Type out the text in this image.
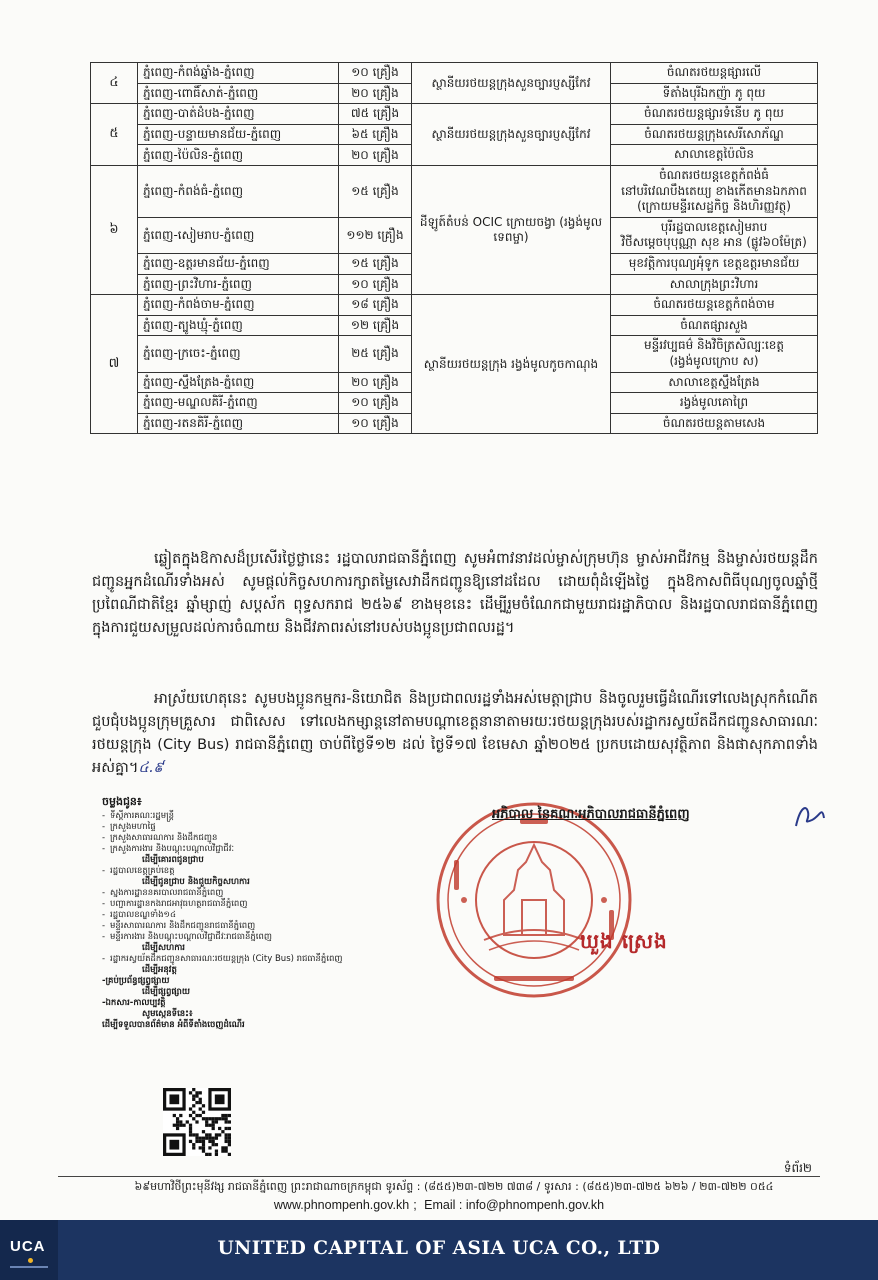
៤	ភ្នំពេញ-កំពង់ឆ្នាំង-ភ្នំពេញ	១០ គ្រឿង	ស្ថានីយរថយន្តក្រុងសួនច្បារប្ញស្សីកែវ	ចំណតរថយន្តផ្សារលើ

	ភ្នំពេញ-ពោធិ៍សាត់-ភ្នំពេញ	២០ គ្រឿង		ទីតាំងបុរីឯកញ៉ា ភូ ពុយ

៥	ភ្នំពេញ-បាត់ដំបង-ភ្នំពេញ	៧៥ គ្រឿង	ស្ថានីយរថយន្តក្រុងសួនច្បារប្ញស្សីកែវ	ចំណតរថយន្តផ្សារទំនើប ភូ ពុយ

	ភ្នំពេញ-បន្ទាយមានជ័យ-ភ្នំពេញ	៦៥ គ្រឿង		ចំណតរថយន្តក្រុងសេរីសោភ័ណ្ឌ

	ភ្នំពេញ-ប៉ៃលិន-ភ្នំពេញ	២០ គ្រឿង		សាលាខេត្តប៉ៃលិន

៦	ភ្នំពេញ-កំពង់ធំ-ភ្នំពេញ	១៥ គ្រឿង	ដីឡូត៍តំបន់ OCIC ក្រោយចង្វា (រង្វង់មូលទេពម្ចា)	ចំណតរថយន្តខេត្តកំពង់ធំ
នៅបរិវេណបឹងតេយ្យ ខាងកើតមានឯកភាព
(ក្រោយមន្ទីរសេដ្ឋកិច្ច និងហិរញ្ញវត្ថុ)

	ភ្នំពេញ-សៀមរាប-ភ្នំពេញ	១១២ គ្រឿង		បុរីរដ្ឋបាលខេត្តសៀមរាប
វិថីសម្តេចបុបុណ្ណា សុខ អាន (ផ្លូវ៦០ម៉ែត្រ)

	ភ្នំពេញ-ឧត្តរមានជ័យ-ភ្នំពេញ	១៥ គ្រឿង		មុខវត្តិការបុណ្យអុំទូក ខេត្តឧត្តរមានជ័យ

	ភ្នំពេញ-ព្រះវិហារ-ភ្នំពេញ	១០ គ្រឿង		សាលាក្រុងព្រះវិហារ

៧	ភ្នំពេញ-កំពង់ចាម-ភ្នំពេញ	១៨ គ្រឿង	ស្ថានីយរថយន្តក្រុង រង្វង់មូលកូចកាណុង	ចំណតរថយន្តខេត្តកំពង់ចាម

	ភ្នំពេញ-ត្បូងឃ្មុំ-ភ្នំពេញ	១២ គ្រឿង		ចំណតផ្សារសួង

	ភ្នំពេញ-ក្រចេះ-ភ្នំពេញ	២៥ គ្រឿង		មន្ទីរវប្បធម៌ និងវិចិត្រសិល្បៈខេត្ត
(រង្វង់មូលក្រោប ស)

	ភ្នំពេញ-ស្ទឹងត្រែង-ភ្នំពេញ	២០ គ្រឿង		សាលាខេត្តស្ទឹងត្រែង

	ភ្នំពេញ-មណ្ឌលគិរី-ភ្នំពេញ	១០ គ្រឿង		រង្វង់មូលគោព្រៃ

	ភ្នំពេញ-រតនគិរី-ភ្នំពេញ	១០ គ្រឿង		ចំណតរថយន្តតាមសេង
ឆ្លៀតក្នុងឱកាសដ៏ប្រសើរថ្ងៃថ្លានេះ រដ្ឋបាលរាជធានីភ្នំពេញ សូមអំពាវនាវដល់ម្ចាស់ក្រុមហ៊ុន ម្ចាស់អាជីវកម្ម និងម្ចាស់រថយន្តដឹកជញ្ជូនអ្នកដំណើរទាំងអស់ សូមផ្តល់កិច្ចសហការក្សាតម្លៃសេវាដឹកជញ្ជូនឱ្យនៅដដែល ដោយពុំដំឡើងថ្លៃ ក្នុងឱកាសពិធីបុណ្យចូលឆ្នាំថ្មី ប្រពៃណីជាតិខ្មែរ ឆ្នាំម្សាញ់ សប្តស័ក ពុទ្ធសករាជ ២៥៦៩ ខាងមុខនេះ ដើម្បីរួមចំណែកជាមួយរាជរដ្ឋាភិបាល និងរដ្ឋបាលរាជធានីភ្នំពេញ ក្នុងការជួយសម្រួលដល់ការចំណាយ និងជីវភាពរស់នៅរបស់បងប្អូនប្រជាពលរដ្ឋ។
អាស្រ័យហេតុនេះ សូមបងប្អូនកម្មករ-និយោជិត និងប្រជាពលរដ្ឋទាំងអស់មេត្តាជ្រាប និងចូលរួមធ្វើដំណើរទៅលេងស្រុកកំណើត ជួបជុំបងប្អូនក្រុមគ្រួសារ ជាពិសេស ទៅលេងកម្សាន្តនៅតាមបណ្តាខេត្តនានាតាមរយៈរថយន្តក្រុងរបស់រដ្ឋាករស្វយ័តដឹកជញ្ជូនសាធារណៈរថយន្តក្រុង (City Bus) រាជធានីភ្នំពេញ ចាប់ពីថ្ងៃទី១២ ដល់ ថ្ងៃទី១៧ ខែមេសា ឆ្នាំ២០២៥ ប្រកបដោយសុវត្ថិភាព និងផាសុកភាពទាំងអស់គ្នា។៤.៩
ចម្លងជូន៖
- ទីស្តីការគណៈរដ្ឋមន្ត្រី
- ក្រសួងមហាផ្ទៃ
- ក្រសួងសាធារណការ និងដឹកជញ្ជូន
- ក្រសួងការងារ និងបណ្តុះបណ្តាលវិជ្ជាជីវៈ
ដើម្បីគោរពជូនជ្រាប
- រដ្ឋបាលខេត្តគ្រប់ខេត្ត
ដើម្បីជូនជ្រាប និងជួយកិច្ចសហការ
- ស្នងការដ្ឋាននគរបាលរាជធានីភ្នំពេញ
- បញ្ជាការដ្ឋានកងរាជអាវុធហត្ថរាជធានីភ្នំពេញ
- រដ្ឋបាលខណ្ឌទាំង១៤
- មន្ទីរសាធារណការ និងដឹកជញ្ជូនរាជធានីភ្នំពេញ
- មន្ទីរការងារ និងបណ្តុះបណ្តាលវិជ្ជាជីវៈរាជធានីភ្នំពេញ
ដើម្បីសហការ
- រដ្ឋាករស្វយ័តដឹកជញ្ជូនសាធារណៈរថយន្តក្រុង (City Bus) រាជធានីភ្នំពេញ
ដើម្បីអនុវត្ត
-គ្រប់ប្រព័ន្ធផ្សព្វផ្សាយ
ដើម្បីផ្សព្វផ្សាយ
-ឯកសារ-កាលប្បវត្តិ
សូមស្កេនទីនេះ៖
ដើម្បីទទួលបានព័ត៌មាន អំពីទីតាំងចេញដំណើរ
អភិបាល នៃគណៈអភិបាលរាជធានីភ្នំពេញ
ឃួង ស្រេង
ទំព័រ២
៦៩មហាវិថីព្រះមុនីវង្ស រាជធានីភ្នំពេញ ព្រះរាជាណាចក្រកម្ពុជា ទូរស័ព្ទ : (៨៥៥)២៣-៧២២ ៧៣៨ / ទូរសារ : (៨៥៥)២៣-៧២៥ ៦២៦ / ២៣-៧២២ ០៥៤
www.phnompenh.gov.kh ; Email : info@phnompenh.gov.kh
UCA	UNITED CAPITAL OF ASIA UCA CO., LTD
